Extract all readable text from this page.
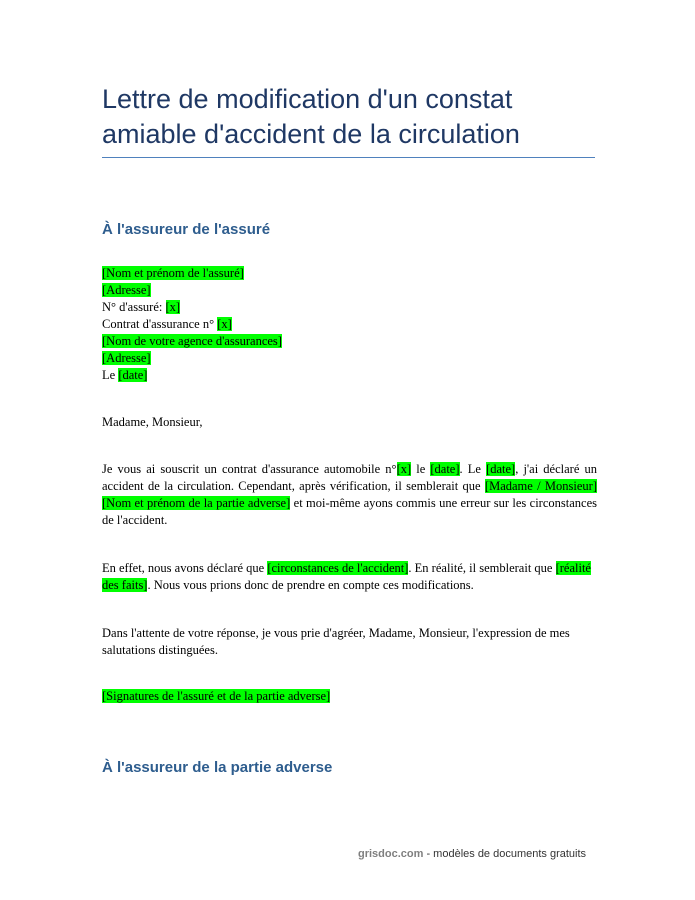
Lettre de modification d'un constat
amiable d'accident de la circulation
À l'assureur de l'assuré
[Nom et prénom de l'assuré]
[Adresse]
N° d'assuré: [x]
Contrat d'assurance n° [x]
[Nom de votre agence d'assurances]
[Adresse]
Le [date]
Madame, Monsieur,
Je vous ai souscrit un contrat d'assurance automobile n°[x] le [date]. Le [date], j'ai déclaré un accident de la circulation. Cependant, après vérification, il semblerait que [Madame / Monsieur] [Nom et prénom de la partie adverse] et moi-même ayons commis une erreur sur les circonstances de l'accident.
En effet, nous avons déclaré que [circonstances de l'accident]. En réalité, il semblerait que [réalité des faits]. Nous vous prions donc de prendre en compte ces modifications.
Dans l'attente de votre réponse, je vous prie d'agréer, Madame, Monsieur, l'expression de mes salutations distinguées.
[Signatures de l'assuré et de la partie adverse]
À l'assureur de la partie adverse
grisdoc.com - modèles de documents gratuits
